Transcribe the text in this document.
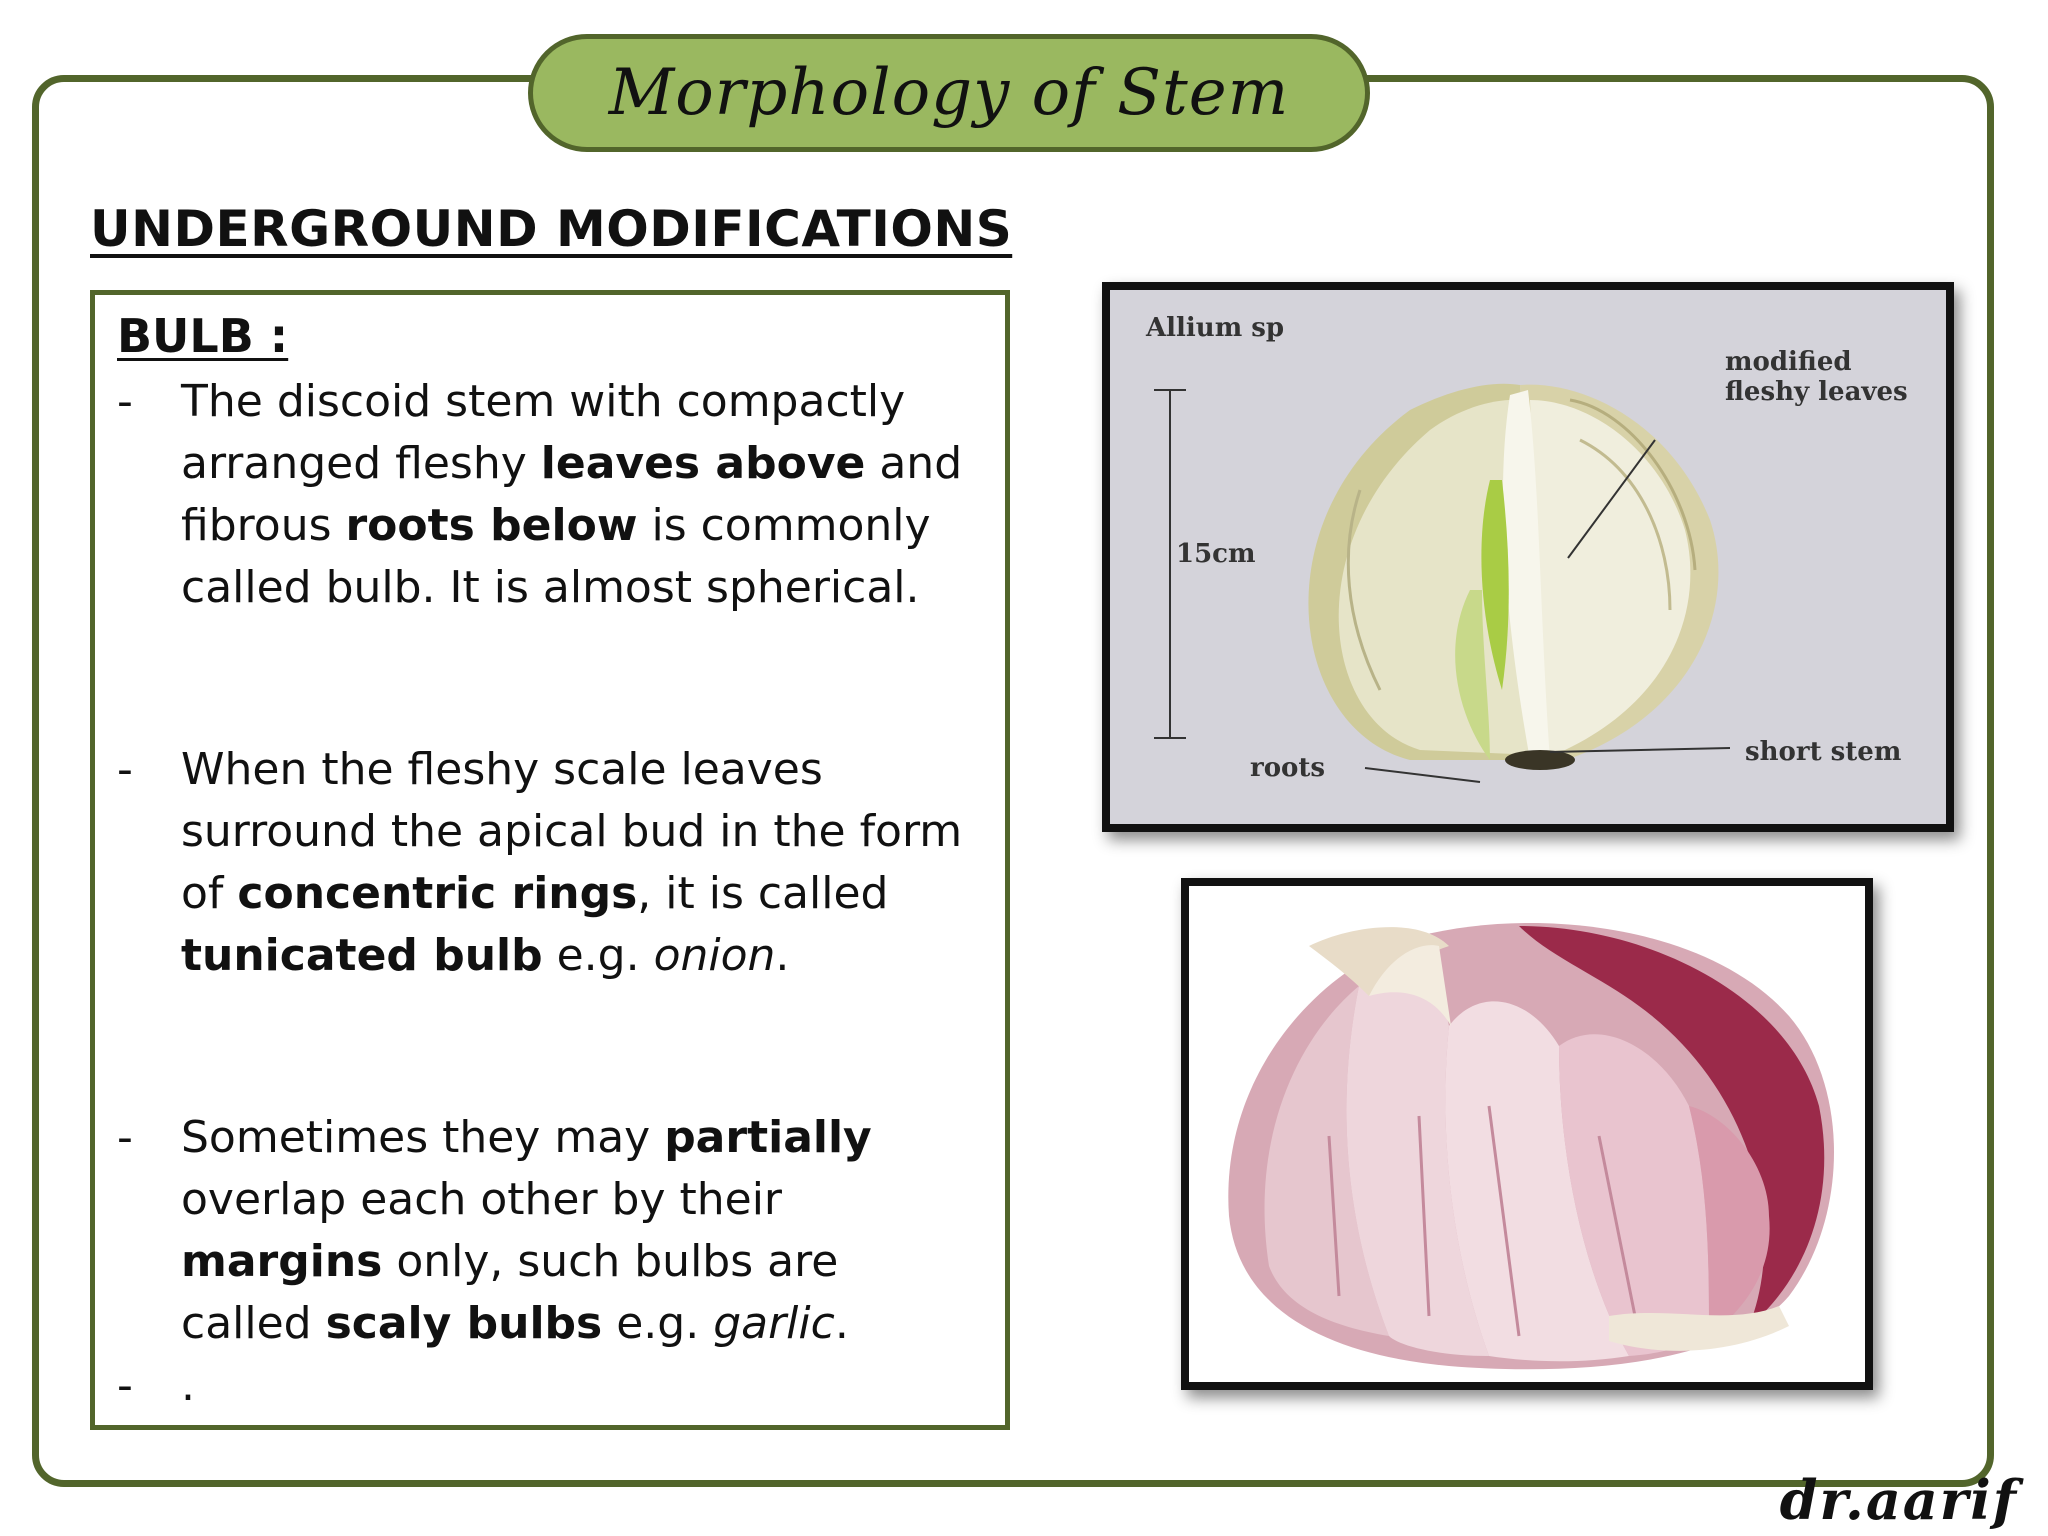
Morphology of Stem
UNDERGROUND MODIFICATIONS
BULB :
- The discoid stem with compactly arranged fleshy leaves above and fibrous roots below is commonly called bulb. It is almost spherical.
- When the fleshy scale leaves surround the apical bud in the form of concentric rings, it is called tunicated bulb e.g. onion.
- Sometimes they may partially overlap each other by their margins only, such bulbs are called scaly bulbs e.g. garlic.
- .
Allium sp
modified
fleshy leaves
15cm
short stem
roots
dr.aarif
